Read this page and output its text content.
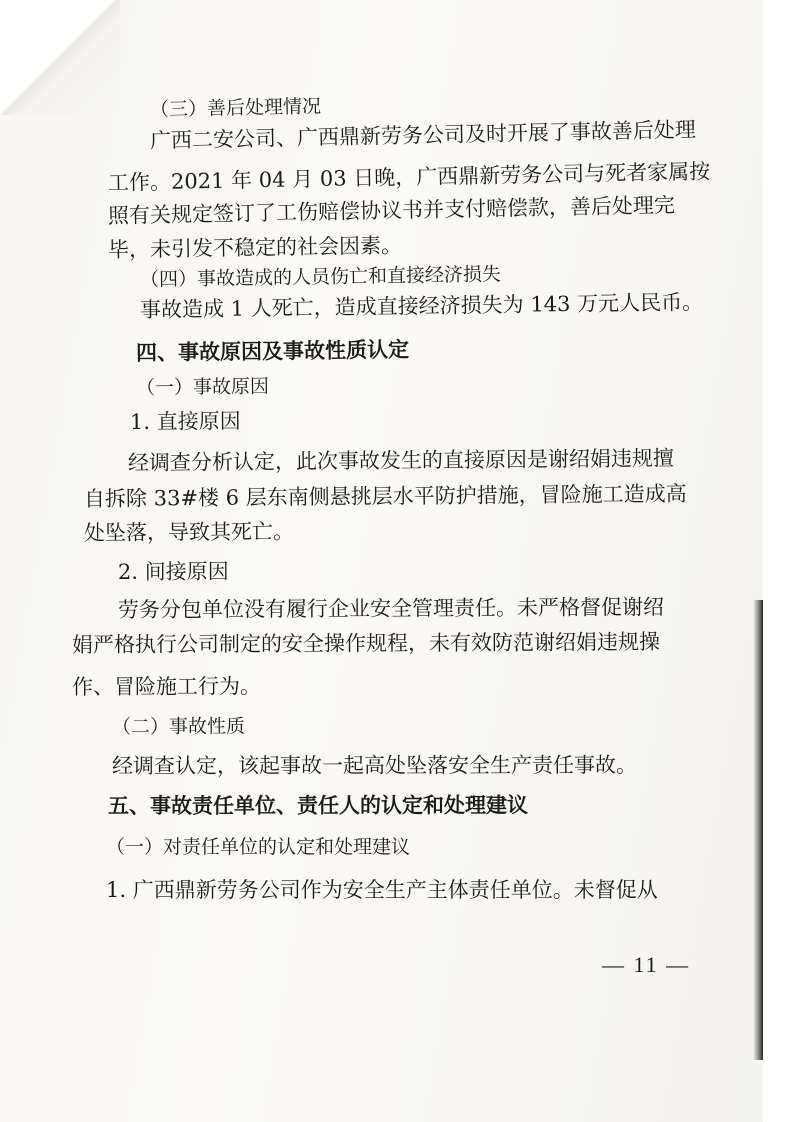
（三）善后处理情况
广西二安公司、广西鼎新劳务公司及时开展了事故善后处理
工作。2021 年 04 月 03 日晚，广西鼎新劳务公司与死者家属按
照有关规定签订了工伤赔偿协议书并支付赔偿款，善后处理完
毕，未引发不稳定的社会因素。
（四）事故造成的人员伤亡和直接经济损失
事故造成 1 人死亡，造成直接经济损失为 143 万元人民币。
四、事故原因及事故性质认定
（一）事故原因
1. 直接原因
经调查分析认定，此次事故发生的直接原因是谢绍娟违规擅
自拆除 33#楼 6 层东南侧悬挑层水平防护措施，冒险施工造成高
处坠落，导致其死亡。
2. 间接原因
劳务分包单位没有履行企业安全管理责任。未严格督促谢绍
娟严格执行公司制定的安全操作规程，未有效防范谢绍娟违规操
作、冒险施工行为。
（二）事故性质
经调查认定，该起事故一起高处坠落安全生产责任事故。
五、事故责任单位、责任人的认定和处理建议
（一）对责任单位的认定和处理建议
1. 广西鼎新劳务公司作为安全生产主体责任单位。未督促从
— 11 —
